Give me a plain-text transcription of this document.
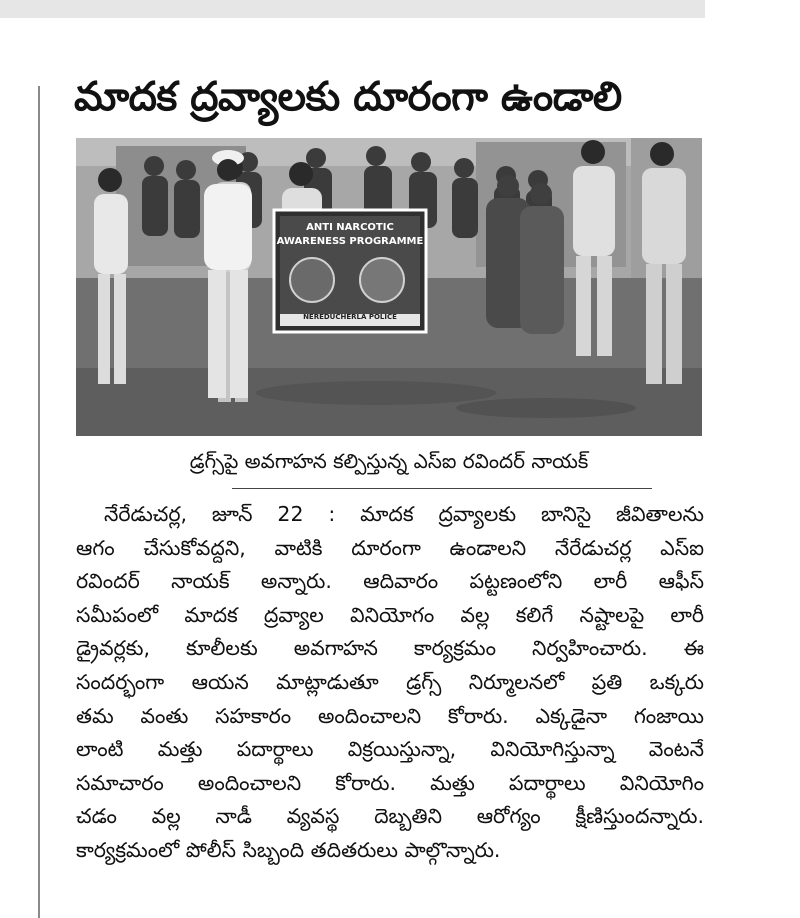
మాదక ద్రవ్యాలకు దూరంగా ఉండాలి
ANTI NARCOTIC
AWARENESS PROGRAMME
NEREDUCHERLA POLICE
డ్రగ్స్‌పై అవగాహన కల్పిస్తున్న ఎస్ఐ రవిందర్ నాయక్
నేరేడుచర్ల, జూన్ 22 : మాదక ద్రవ్యాలకు బానిసై జీవితాలను
ఆగం చేసుకోవద్దని, వాటికి దూరంగా ఉండాలని నేరేడుచర్ల ఎస్ఐ
రవిందర్ నాయక్ అన్నారు. ఆదివారం పట్టణంలోని లారీ ఆఫీస్
సమీపంలో మాదక ద్రవ్యాల వినియోగం వల్ల కలిగే నష్టాలపై లారీ
డ్రైవర్లకు, కూలీలకు అవగాహన కార్యక్రమం నిర్వహించారు. ఈ
సందర్భంగా ఆయన మాట్లాడుతూ డ్రగ్స్ నిర్మూలనలో ప్రతి ఒక్కరు
తమ వంతు సహకారం అందించాలని కోరారు. ఎక్కడైనా గంజాయి
లాంటి మత్తు పదార్థాలు విక్రయిస్తున్నా, వినియోగిస్తున్నా వెంటనే
సమాచారం అందించాలని కోరారు. మత్తు పదార్థాలు వినియోగిం
చడం వల్ల నాడీ వ్యవస్థ దెబ్బతిని ఆరోగ్యం క్షీణిస్తుందన్నారు.
కార్యక్రమంలో పోలీస్ సిబ్బంది తదితరులు పాల్గొన్నారు.
